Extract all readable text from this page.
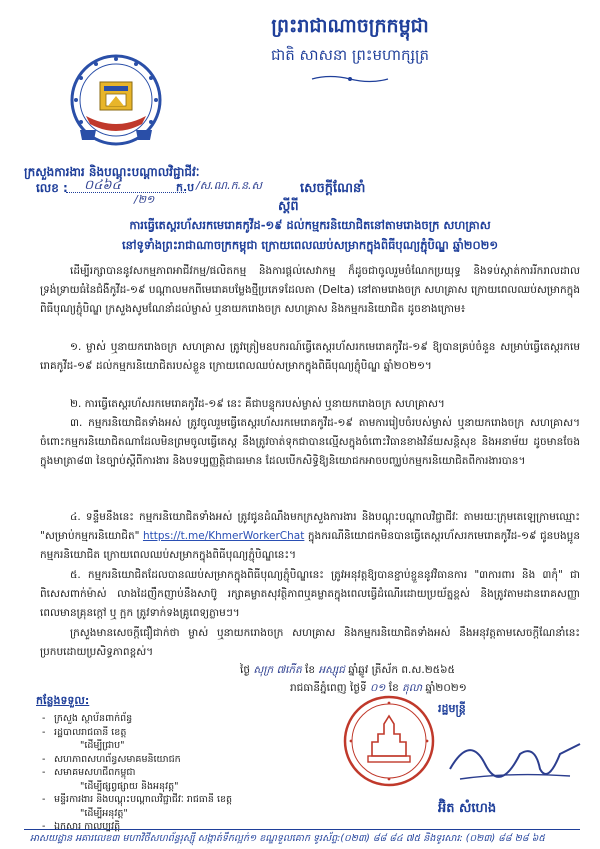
ព្រះរាជាណាចក្រកម្ពុជា
ជាតិ សាសនា ព្រះមហាក្សត្រ
ក្រសួងការងារ និងបណ្តុះបណ្តាលវិជ្ជាជីវៈ
លេខ : ០៤៦៤
/២១
ក.ប /ស.ណ.ក.ន.ស	សេចក្តីណែនាំ
ស្តីពី
ការធ្វើតេស្តរហ័សរកមេរោគកូវីដ-១៩ ដល់កម្មករនិយោជិតនៅតាមរោងចក្រ សហគ្រាស
នៅទូទាំងព្រះរាជាណាចក្រកម្ពុជា ក្រោយពេលឈប់សម្រាកក្នុងពិធីបុណ្យភ្ជុំបិណ្ឌ ឆ្នាំ២០២១
ដើម្បីរក្សាបាននូវសកម្មភាពអាជីវកម្ម/ផលិតកម្ម និងការផ្តល់សេវាកម្ម ក៏ដូចជាចូលរួមចំណែកប្រយុទ្ធ និងទប់ស្កាត់ការរីករាលដាលទ្រង់ទ្រាយធំនៃជំងឺកូវីដ-១៩ បណ្តាលមកពីមេរោគបម្លែងថ្មីប្រភេទដែលតា (Delta) នៅតាមរោងចក្រ សហគ្រាស ក្រោយពេលឈប់សម្រាកក្នុងពិធីបុណ្យភ្ជុំបិណ្ឌ ក្រសួងសូមណែនាំដល់ម្ចាស់ ឬនាយករោងចក្រ សហគ្រាស និងកម្មករនិយោជិត ដូចខាងក្រោម៖
១. ម្ចាស់ ឬនាយករោងចក្រ សហគ្រាស ត្រូវត្រៀមឧបករណ៍ធ្វើតេស្តរហ័សរកមេរោគកូវីដ-១៩ ឱ្យបានគ្រប់ចំនួន សម្រាប់ធ្វើតេស្តរកមេរោគកូវីដ-១៩ ដល់កម្មករនិយោជិតរបស់ខ្លួន ក្រោយពេលឈប់សម្រាកក្នុងពិធីបុណ្យភ្ជុំបិណ្ឌ ឆ្នាំ២០២១។
២. ការធ្វើតេស្តរហ័សរកមេរោគកូវីដ-១៩ នេះ គឺជាបន្ទុករបស់ម្ចាស់ ឬនាយករោងចក្រ សហគ្រាស។
៣. កម្មករនិយោជិតទាំងអស់ ត្រូវចូលរួមធ្វើតេស្តរហ័សរកមេរោគកូវីដ-១៩ តាមការរៀបចំរបស់ម្ចាស់ ឬនាយករោងចក្រ សហគ្រាស។ ចំពោះកម្មករនិយោជិតណាដែលមិនព្រមចូលធ្វើតេស្ត នឹងត្រូវចាត់ទុកជាបានល្មើសក្នុងចំពោះវិធានខាងវិន័យសន្តិសុខ និងអនាម័យ ដូចមានចែងក្នុងមាត្រា៨៣ នៃច្បាប់ស្តីពីការងារ និងបទប្បញ្ញត្តិជាធរមាន ដែលបើកសិទ្ធិឱ្យនិយោជកអាចបញ្ឈប់កម្មករនិយោជិតពីការងារបាន។
៤. ទន្ទឹមនឹងនេះ កម្មករនិយោជិតទាំងអស់ ត្រូវជូនដំណឹងមកក្រសួងការងារ និងបណ្តុះបណ្តាលវិជ្ជាជីវៈ តាមរយៈក្រុមតេឡេក្រាមឈ្មោះ "សម្រាប់កម្មករនិយោជិត" https://t.me/KhmerWorkerChat ក្នុងករណីនិយោជកមិនបានធ្វើតេស្តរហ័សរកមេរោគកូវីដ-១៩ ជូនបងប្អូនកម្មករនិយោជិត ក្រោយពេលឈប់សម្រាកក្នុងពិធីបុណ្យភ្ជុំបិណ្ឌនេះ។
៥. កម្មករនិយោជិតដែលបានឈប់សម្រាកក្នុងពិធីបុណ្យភ្ជុំបិណ្ឌនេះ ត្រូវអនុវត្តឱ្យបានខ្ជាប់ខ្ជួននូវវិធានការ "៣ការពារ និង ៣កុំ" ជាពិសេសពាក់ម៉ាស់ លាងដៃញឹកញាប់នឹងសាប៊ូ រក្សាគម្លាតសុវត្ថិភាពឬគម្លាតក្នុងពេលធ្វើដំណើរដោយប្រយ័ត្នខ្ពស់ និងត្រូវតាមដានរោគសញ្ញា ពេលមានគ្រុនក្តៅ ឬ ក្អក ត្រូវទាក់ទងគ្រូពេទ្យភ្លាមៗ។
ក្រសួងមានសេចក្តីជឿជាក់ថា ម្ចាស់ ឬនាយករោងចក្រ សហគ្រាស និងកម្មករនិយោជិតទាំងអស់ នឹងអនុវត្តតាមសេចក្តីណែនាំនេះ ប្រកបដោយប្រសិទ្ធភាពខ្ពស់។
ថ្ងៃ សុក្រ ៧កើត ខែ អស្សុជ ឆ្នាំឆ្លូវ ត្រីស័ក ព.ស.២៥៦៥
រាជធានីភ្នំពេញ ថ្ងៃទី ០១ ខែ តុលា ឆ្នាំ២០២១
កន្លែងទទួល:
- ក្រសួង ស្ថាប័នពាក់ព័ន្ធ
- រដ្ឋបាលរាជធានី ខេត្ត
"ដើម្បីជ្រាប"
- សហភាពសហព័ន្ធសមាគមនិយោជក
- សមាគមសហជីពកម្ពុជា
"ដើម្បីផ្សព្វផ្សាយ និងអនុវត្ត"
- មន្ទីរការងារ និងបណ្តុះបណ្តាលវិជ្ជាជីវៈ រាជធានី ខេត្ត
"ដើម្បីអនុវត្ត"
- ឯកសារ កាលប្បវត្តិ
រដ្ឋមន្ត្រី
អ៊ិត សំហេង
អាសយដ្ឋាន អគារលេខ៣ មហាវិថីសហព័ន្ធរុស្ស៊ី សង្កាត់ទឹកល្អក់១ ខណ្ឌទួលគោក ទូរស័ព្ទ:(០២៣) ៨៨ ៨៤ ៧៥ និងទូរសារ: (០២៣) ៨៨ ២៨ ៦៥
